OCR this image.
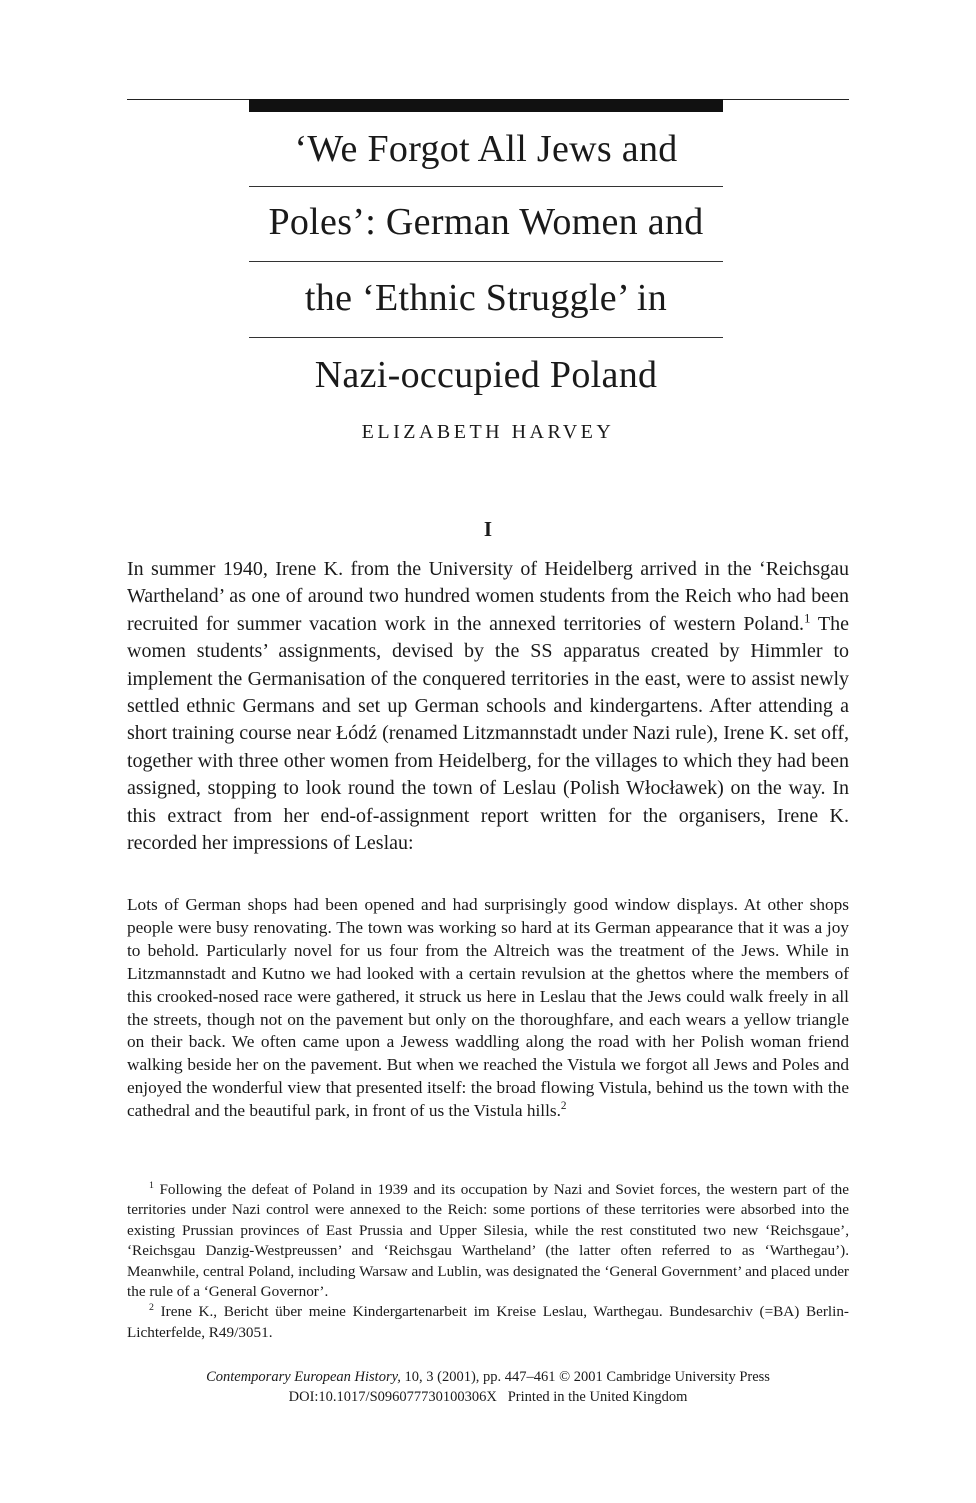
‘We Forgot All Jews and
Poles’: German Women and
the ‘Ethnic Struggle’ in
Nazi-occupied Poland
ELIZABETH HARVEY
I

In summer 1940, Irene K. from the University of Heidelberg arrived in the ‘Reichsgau Wartheland’ as one of around two hundred women students from the Reich who had been recruited for summer vacation work in the annexed territories of western Poland.$^1$ The women students’ assignments, devised by the SS apparatus created by Himmler to implement the Germanisation of the conquered territories in the east, were to assist newly settled ethnic Germans and set up German schools and kindergartens. After attending a short training course near Łódź (renamed Litzmannstadt under Nazi rule), Irene K. set off, together with three other women from Heidelberg, for the villages to which they had been assigned, stopping to look round the town of Leslau (Polish Włocławek) on the way. In this extract from her end-of-assignment report written for the organisers, Irene K. recorded her impressions of Leslau:

Lots of German shops had been opened and had surprisingly good window displays. At other shops people were busy renovating. The town was working so hard at its German appearance that it was a joy to behold. Particularly novel for us four from the Altreich was the treatment of the Jews. While in Litzmannstadt and Kutno we had looked with a certain revulsion at the ghettos where the members of this crooked-nosed race were gathered, it struck us here in Leslau that the Jews could walk freely in all the streets, though not on the pavement but only on the thoroughfare, and each wears a yellow triangle on their back. We often came upon a Jewess waddling along the road with her Polish woman friend walking beside her on the pavement. But when we reached the Vistula we forgot all Jews and Poles and enjoyed the wonderful view that presented itself: the broad flowing Vistula, behind us the town with the cathedral and the beautiful park, in front of us the Vistula hills.$^2$

$^1$ Following the defeat of Poland in 1939 and its occupation by Nazi and Soviet forces, the western part of the territories under Nazi control were annexed to the Reich: some portions of these territories were absorbed into the existing Prussian provinces of East Prussia and Upper Silesia, while the rest constituted two new ‘Reichsgaue’, ‘Reichsgau Danzig-Westpreussen’ and ‘Reichsgau Wartheland’ (the latter often referred to as ‘Warthegau’). Meanwhile, central Poland, including Warsaw and Lublin, was designated the ‘General Government’ and placed under the rule of a ‘General Governor’.

$^2$ Irene K., Bericht über meine Kindergartenarbeit im Kreise Leslau, Warthegau. Bundesarchiv (=BA) Berlin-Lichterfelde, R49/3051.

Contemporary European History, 10, 3 (2001), pp. 447–461 © 2001 Cambridge University Press
DOI:10.1017/S096077730100306X   Printed in the United Kingdom
